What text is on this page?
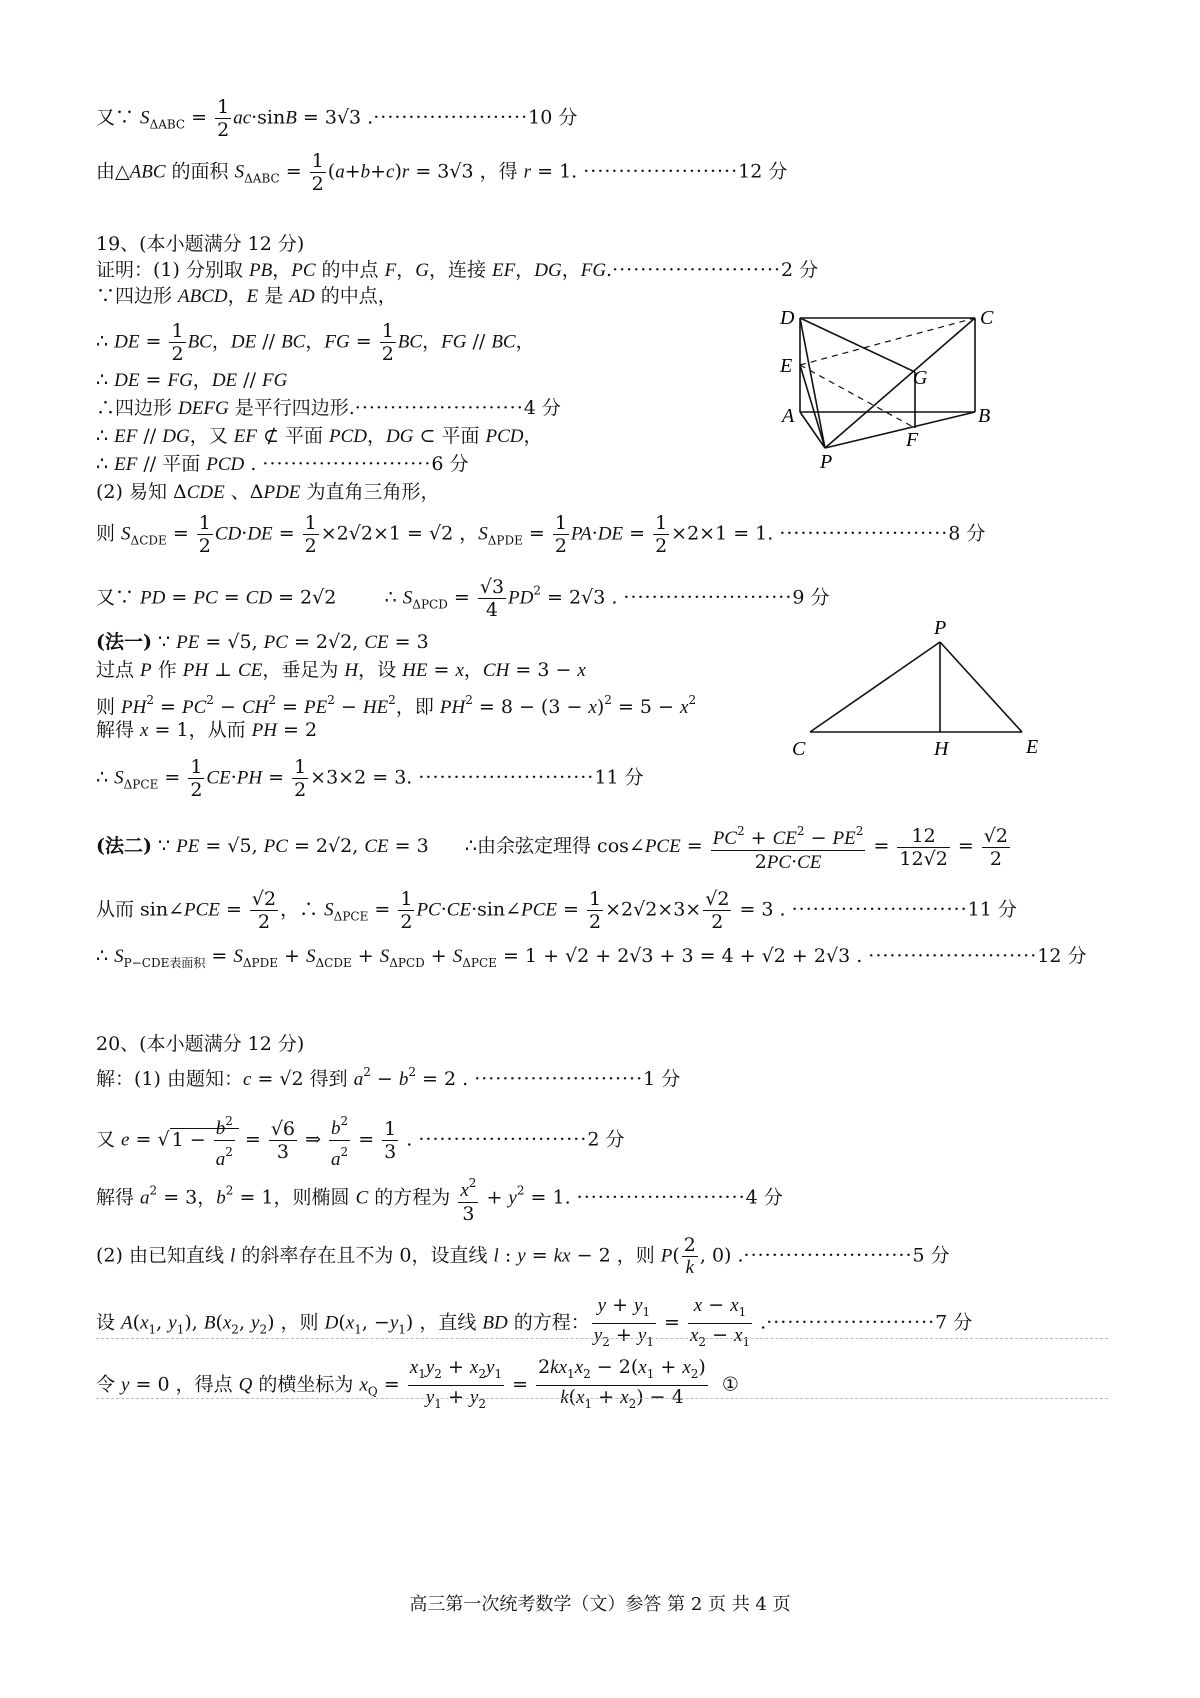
又∵ $S_{\Delta ABC} = \frac{1}{2} ac\cdot\sin B = 3√3$ .······················10 分
由△ABC 的面积 $S_{\Delta ABC} = \frac{1}{2} (a+b+c)r = 3√3$ ，得 r = 1. ······················12 分
19、(本小题满分 12 分)
证明：(1) 分别取 PB，PC 的中点 F，G，连接 EF，DG，FG.························2 分
∵四边形 ABCD，E 是 AD 的中点，
∴ DE = $\frac{1}{2}$ BC，DE // BC，FG = $\frac{1}{2}$ BC，FG // BC，
∴ DE = FG，DE // FG
∴四边形 DEFG 是平行四边形.························4 分
∴ EF // DG，又 EF ⊄ 平面 PCD，DG ⊂ 平面 PCD，
∴ EF // 平面 PCD . ························6 分
(2) 易知 ΔCDE 、ΔPDE 为直角三角形，
则 $S_{\Delta CDE} = \frac{1}{2} CD\cdot DE = \frac{1}{2} \times 2√2\times 1 = √2$ ，$S_{\Delta PDE} = \frac{1}{2} PA\cdot DE = \frac{1}{2} \times 2\times 1 = 1$. ························8 分
又∵ PD = PC = CD = 2√2        ∴ $S_{\Delta PCD} = \frac{√3}{4} PD^2 = 2√3$ . ························9 分
(法一) ∵ PE = √5, PC = 2√2, CE = 3
过点 P 作 PH ⊥ CE，垂足为 H，设 HE = x，CH = 3 − x
则 $PH^2 = PC^2 - CH^2 = PE^2 - HE^2$，即 $PH^2 = 8 - (3 - x)^2 = 5 - x^2$
解得 x = 1，从而 PH = 2
∴ $S_{\Delta PCE} = \frac{1}{2} CE\cdot PH = \frac{1}{2} \times 3\times 2 = 3$. ·························11 分
(法二) ∵ PE = √5, PC = 2√2, CE = 3      ∴由余弦定理得 cos∠PCE = $\frac{PC^2 + CE^2 - PE^2}{2PC\cdot CE} = \frac{12}{12√2} = \frac{√2}{2}$
从而 sin∠PCE = $\frac{√2}{2}$ ，∴ $S_{\Delta PCE} = \frac{1}{2}$ PC·CE·sin∠PCE = $\frac{1}{2} \times 2√2\times 3\times \frac{√2}{2} = 3$ . ·························11 分
∴ $S_{P-CDE表面积} = S_{\Delta PDE} + S_{\Delta CDE} + S_{\Delta PCD} + S_{\Delta PCE} = 1 + √2 + 2√3 + 3 = 4 + √2 + 2√3$ . ························12 分
20、(本小题满分 12 分)
解：(1) 由题知：c = √2 得到 $a^2 - b^2 = 2$ . ························1 分
又 e = √ $1 - \frac{b^2}{a^2} = \frac{√6}{3}$ ⇒ $\frac{b^2}{a^2} = \frac{1}{3}$ . ························2 分
解得 $a^2 = 3$，$b^2 = 1$，则椭圆 C 的方程为 $\frac{x^2}{3} + y^2 = 1$. ························4 分
(2) 由已知直线 l 的斜率存在且不为 0，设直线 l : y = kx − 2 ，则 $P( \frac{2}{k}$ , 0) .························5 分
设 $A(x_1$, $y_1$), $B(x_2$, $y_2$) ，则 $D(x_1$, $-y_1$) ，直线 BD 的方程： $\frac{y + y_1}{y_2 + y_1} = \frac{x - x_1}{x_2 - x_1} .\cdot\cdot\cdot\cdot\cdot\cdot\cdot\cdot\cdot\cdot\cdot\cdot\cdot\cdot\cdot\cdot\cdot\cdot\cdot\cdot\cdot\cdot\cdot\cdot 7$ 分
令 y = 0 ，得点 Q 的横坐标为 $x_Q = \frac{x_1y_2 + x_2y_1}{y_1 + y_2} = \frac{2kx_1x_2 - 2(x_1 + x_2)}{k(x_1 + x_2) - 4}$ ①
D	C
E
G
A	B
F
P
P
C	H	E
高三第一次统考数学（文）参答 第 2 页 共 4 页
